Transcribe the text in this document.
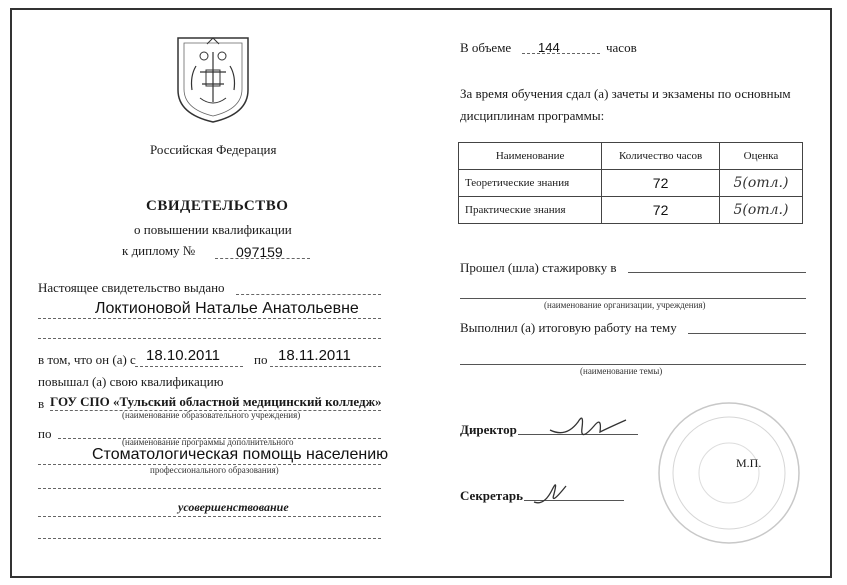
Российская Федерация
СВИДЕТЕЛЬСТВО
о повышении квалификации
к диплому №	097159
Настоящее свидетельство выдано
Локтионовой Наталье Анатольевне
в том, что он (а) с 18.10.2011	по 18.11.2011
повышал (а) свою квалификацию
в ГОУ СПО «Тульский областной медицинский колледж»
(наименование образовательного учреждения)
по
(наименование программы дополнительного
Стоматологическая помощь населению
профессионального образования)
усовершенствование
В объеме 144	часов
За время обучения сдал (а) зачеты и экзамены по основным
дисциплинам программы:
Наименование	Количество часов	Оценка
Теоретические знания	72	5(отл.)
Практические знания	72	5(отл.)
Прошел (шла) стажировку в
(наименование организации, учреждения)
Выполнил (а) итоговую работу на тему
(наименование темы)
Директор
М.П.
Секретарь
